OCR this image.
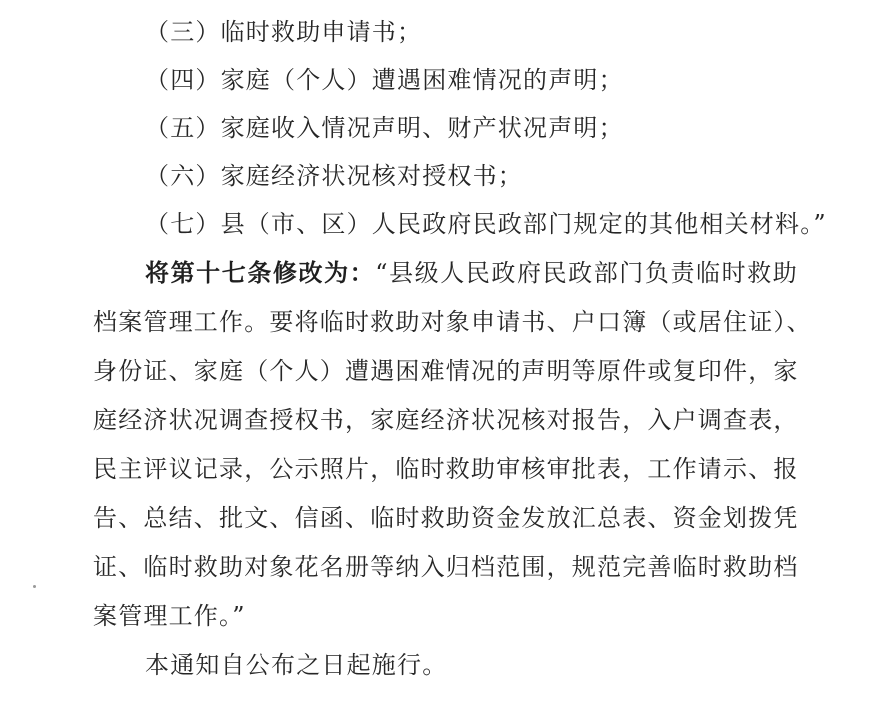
（三）临时救助申请书；
（四）家庭（个人）遭遇困难情况的声明；
（五）家庭收入情况声明、财产状况声明；
（六）家庭经济状况核对授权书；
（七）县（市、区）人民政府民政部门规定的其他相关材料。”
将第十七条修改为：“县级人民政府民政部门负责临时救助
档案管理工作。要将临时救助对象申请书、户口簿（或居住证）、
身份证、家庭（个人）遭遇困难情况的声明等原件或复印件，家
庭经济状况调查授权书，家庭经济状况核对报告，入户调查表，
民主评议记录，公示照片，临时救助审核审批表，工作请示、报
告、总结、批文、信函、临时救助资金发放汇总表、资金划拨凭
证、临时救助对象花名册等纳入归档范围，规范完善临时救助档
案管理工作。”
本通知自公布之日起施行。
